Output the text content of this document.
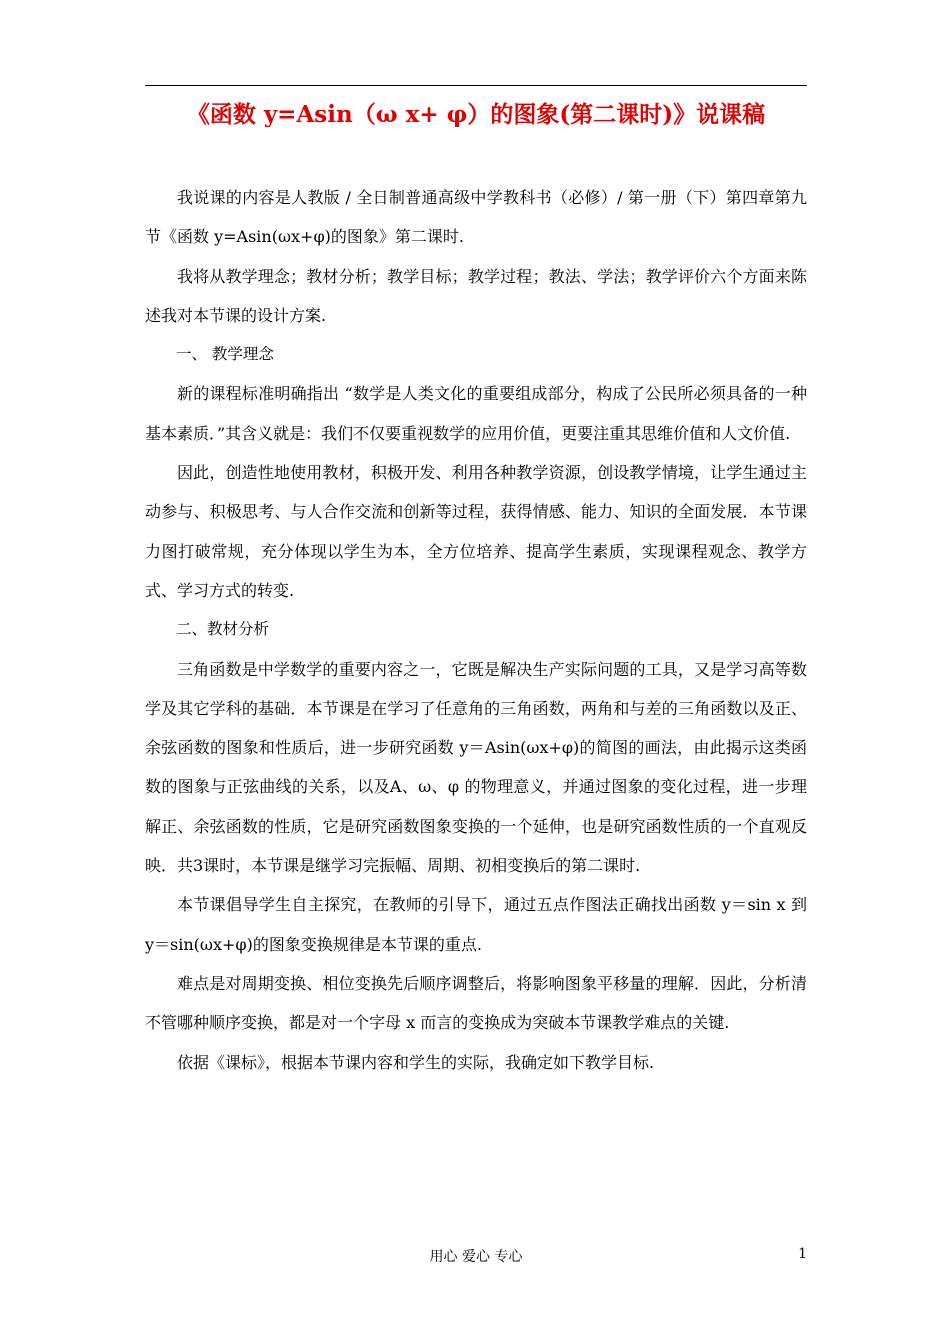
《函数 y=Asin（ω x+ φ）的图象(第二课时)》说课稿

我说课的内容是人教版 / 全日制普通高级中学教科书（必修）/ 第一册（下）第四章第九节《函数 y=Asin(ωx+φ)的图象》第二课时.

我将从教学理念；教材分析；教学目标；教学过程；教法、学法；教学评价六个方面来陈述我对本节课的设计方案.

一、 教学理念

新的课程标准明确指出 “数学是人类文化的重要组成部分，构成了公民所必须具备的一种基本素质．”其含义就是：我们不仅要重视数学的应用价值，更要注重其思维价值和人文价值.

因此，创造性地使用教材，积极开发、利用各种教学资源，创设教学情境，让学生通过主动参与、积极思考、与人合作交流和创新等过程，获得情感、能力、知识的全面发展．本节课力图打破常规，充分体现以学生为本，全方位培养、提高学生素质，实现课程观念、教学方式、学习方式的转变.

二、教材分析

三角函数是中学数学的重要内容之一，它既是解决生产实际问题的工具，又是学习高等数学及其它学科的基础．本节课是在学习了任意角的三角函数，两角和与差的三角函数以及正、余弦函数的图象和性质后，进一步研究函数 y＝Asin(ωx+φ)的简图的画法，由此揭示这类函数的图象与正弦曲线的关系，以及A、ω、φ 的物理意义，并通过图象的变化过程，进一步理解正、余弦函数的性质，它是研究函数图象变换的一个延伸，也是研究函数性质的一个直观反映．共3课时，本节课是继学习完振幅、周期、初相变换后的第二课时.

本节课倡导学生自主探究，在教师的引导下，通过五点作图法正确找出函数 y＝sin x 到 y＝sin(ωx+φ)的图象变换规律是本节课的重点.

难点是对周期变换、相位变换先后顺序调整后，将影响图象平移量的理解．因此，分析清不管哪种顺序变换，都是对一个字母 x 而言的变换成为突破本节课教学难点的关键.

依据《课标》，根据本节课内容和学生的实际，我确定如下教学目标.

用心 爱心 专心	1
